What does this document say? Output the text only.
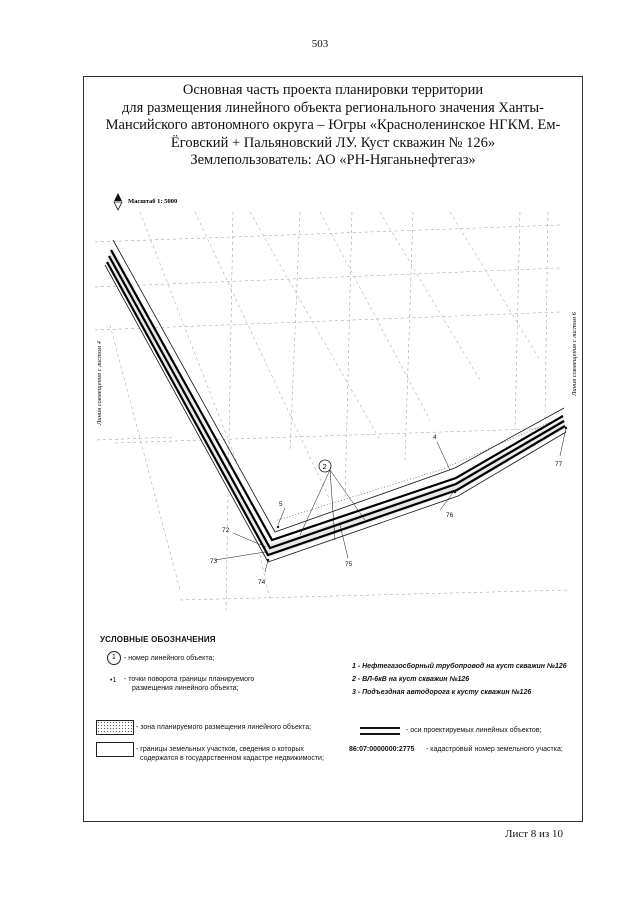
503
Основная часть проекта планировки территории
для размещения линейного объекта регионального значения Ханты-
Мансийского автономного округа – Югры «Красноленинское НГКМ. Ем-
Ёговский + Пальяновский ЛУ. Куст скважин № 126»
Землепользователь: АО «РН-Няганьнефтегаз»
Масштаб 1: 5000
2
5
72
73
74
75
76
77
4
Линия совмещения с листом 4	Линия совмещения с листом 6
УСЛОВНЫЕ ОБОЗНАЧЕНИЯ
1	- номер линейного объекта;
•1 - точки поворота границы планируемого
размещения линейного объекта;
1 - Нефтегазосборный трубопровод на куст скважин №126
2 - ВЛ-6кВ на куст скважин №126
3 - Подъездная автодорога к кусту скважин №126
- зона планируемого размещения линейного объекта;	- оси проектируемых линейных объектов;
- границы земельных участков, сведения о которых
содержатся в государственном кадастре недвижимости;
86:07:0000000:2775 - кадастровый номер земельного участка;
Лист 8 из 10
